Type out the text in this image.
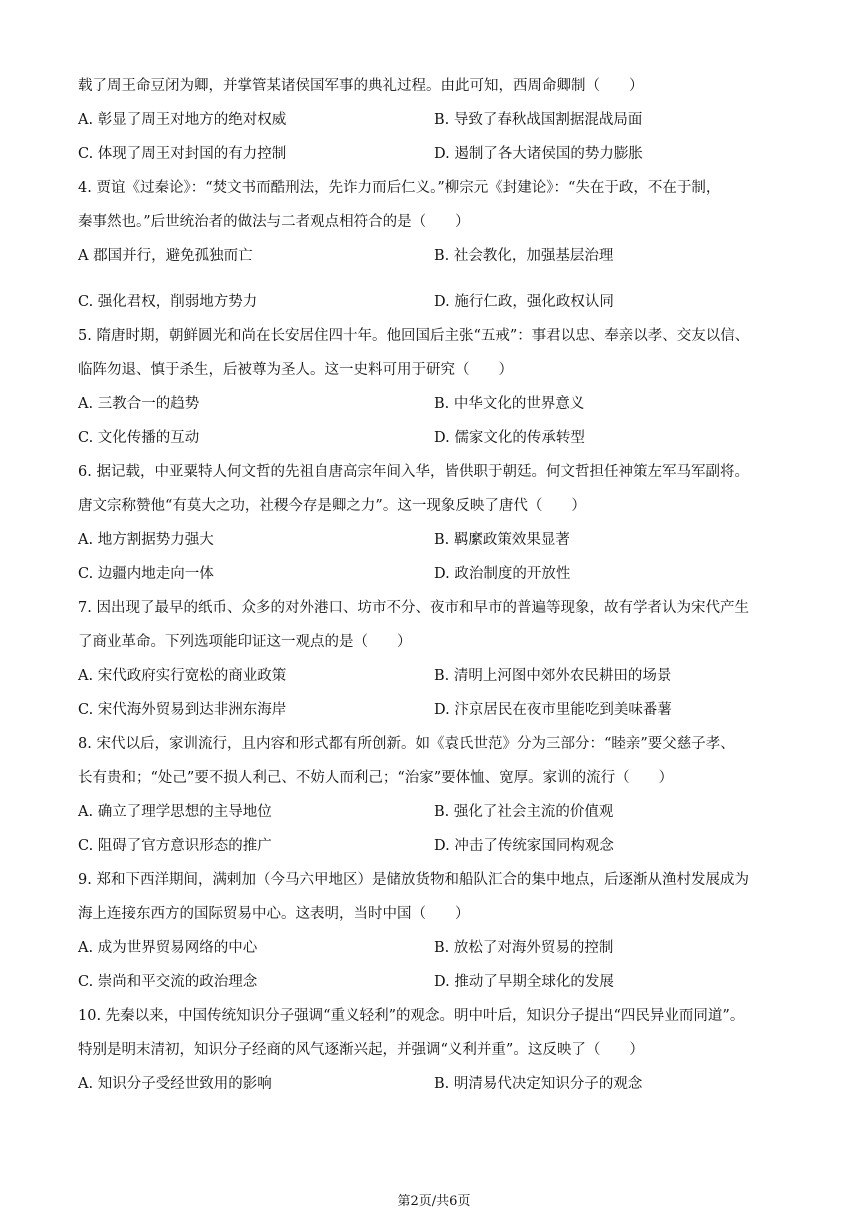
载了周王命豆闭为卿，并掌管某诸侯国军事的典礼过程。由此可知，西周命卿制（　　）
A. 彰显了周王对地方的绝对权威	B. 导致了春秋战国割据混战局面
C. 体现了周王对封国的有力控制	D. 遏制了各大诸侯国的势力膨胀
4. 贾谊《过秦论》：“焚文书而酷刑法，先诈力而后仁义。”柳宗元《封建论》：“失在于政，不在于制，
秦事然也。”后世统治者的做法与二者观点相符合的是（　　）
A 郡国并行，避免孤独而亡	B. 社会教化，加强基层治理
C. 强化君权，削弱地方势力	D. 施行仁政，强化政权认同
5. 隋唐时期，朝鲜圆光和尚在长安居住四十年。他回国后主张“五戒”：事君以忠、奉亲以孝、交友以信、
临阵勿退、慎于杀生，后被尊为圣人。这一史料可用于研究（　　）
A. 三教合一的趋势	B. 中华文化的世界意义
C. 文化传播的互动	D. 儒家文化的传承转型
6. 据记载，中亚粟特人何文哲的先祖自唐高宗年间入华，皆供职于朝廷。何文哲担任神策左军马军副将。
唐文宗称赞他“有莫大之功，社稷今存是卿之力”。这一现象反映了唐代（　　）
A. 地方割据势力强大	B. 羁縻政策效果显著
C. 边疆内地走向一体	D. 政治制度的开放性
7. 因出现了最早的纸币、众多的对外港口、坊市不分、夜市和早市的普遍等现象，故有学者认为宋代产生
了商业革命。下列选项能印证这一观点的是（　　）
A. 宋代政府实行宽松的商业政策	B. 清明上河图中郊外农民耕田的场景
C. 宋代海外贸易到达非洲东海岸	D. 汴京居民在夜市里能吃到美味番薯
8. 宋代以后，家训流行，且内容和形式都有所创新。如《袁氏世范》分为三部分：“睦亲”要父慈子孝、
长有贵和；“处己”要不损人利己、不妨人而利己；“治家”要体恤、宽厚。家训的流行（　　）
A. 确立了理学思想的主导地位	B. 强化了社会主流的价值观
C. 阻碍了官方意识形态的推广	D. 冲击了传统家国同构观念
9. 郑和下西洋期间，满剌加（今马六甲地区）是储放货物和船队汇合的集中地点，后逐渐从渔村发展成为
海上连接东西方的国际贸易中心。这表明，当时中国（　　）
A. 成为世界贸易网络的中心	B. 放松了对海外贸易的控制
C. 崇尚和平交流的政治理念	D. 推动了早期全球化的发展
10. 先秦以来，中国传统知识分子强调“重义轻利”的观念。明中叶后，知识分子提出“四民异业而同道”。
特别是明末清初，知识分子经商的风气逐渐兴起，并强调“义利并重”。这反映了（　　）
A. 知识分子受经世致用的影响	B. 明清易代决定知识分子的观念
第2页/共6页
